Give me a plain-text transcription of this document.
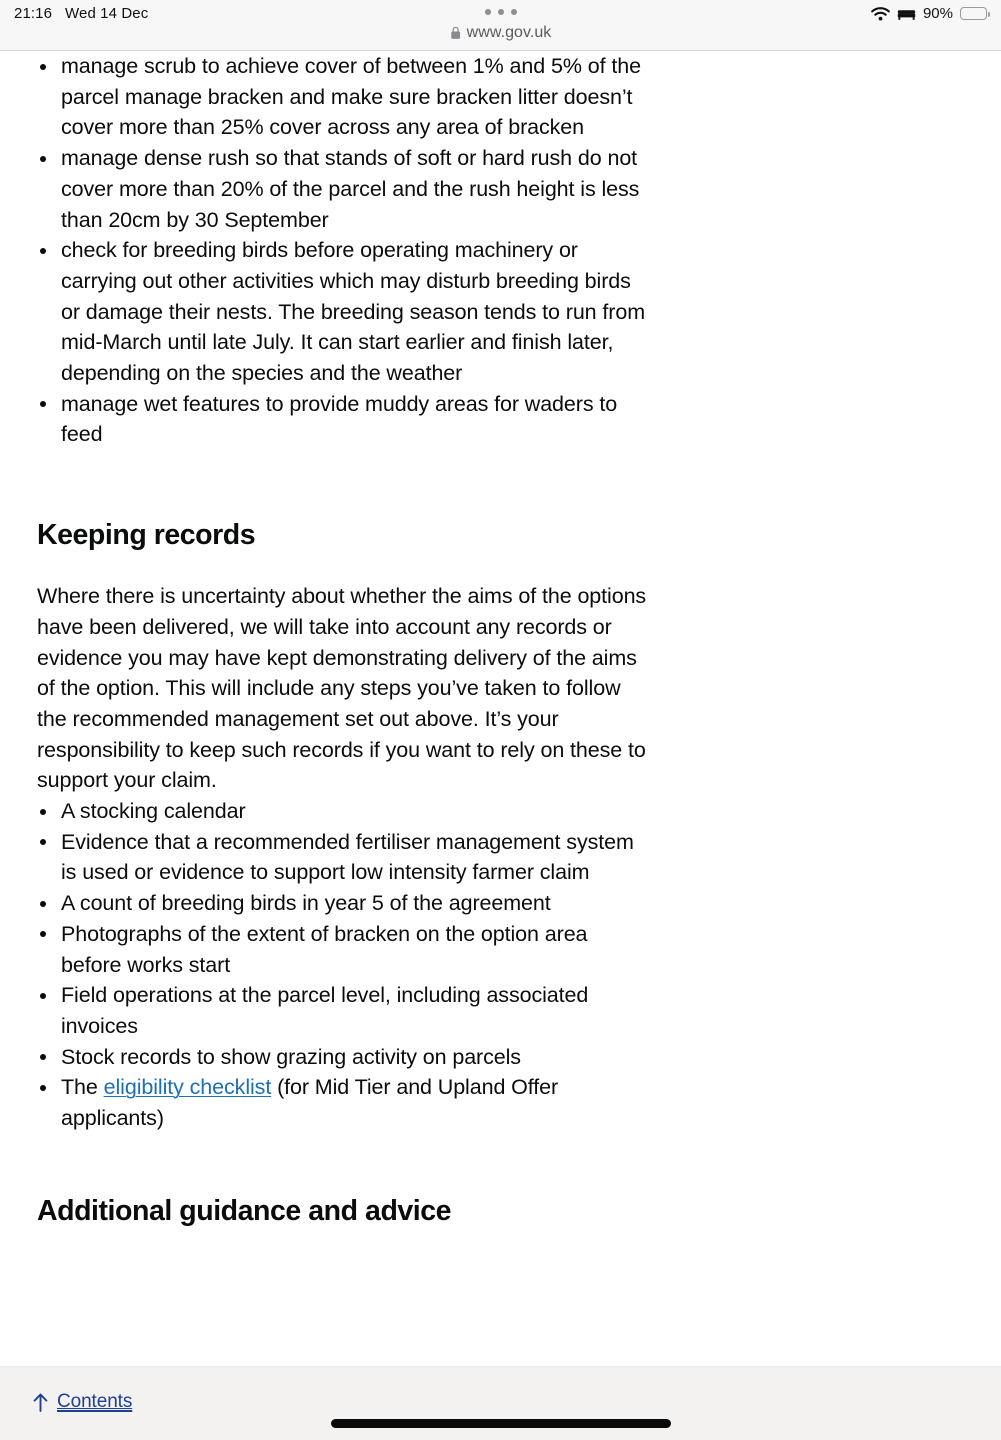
21:16 Wed 14 Dec
www.gov.uk
90%
manage scrub to achieve cover of between 1% and 5% of the parcel manage bracken and make sure bracken litter doesn’t cover more than 25% cover across any area of bracken
manage dense rush so that stands of soft or hard rush do not cover more than 20% of the parcel and the rush height is less than 20cm by 30 September
check for breeding birds before operating machinery or carrying out other activities which may disturb breeding birds or damage their nests. The breeding season tends to run from mid-March until late July. It can start earlier and finish later, depending on the species and the weather
manage wet features to provide muddy areas for waders to feed
Keeping records

Where there is uncertainty about whether the aims of the options have been delivered, we will take into account any records or evidence you may have kept demonstrating delivery of the aims of the option. This will include any steps you’ve taken to follow the recommended management set out above. It’s your responsibility to keep such records if you want to rely on these to support your claim.

A stocking calendar
Evidence that a recommended fertiliser management system is used or evidence to support low intensity farmer claim
A count of breeding birds in year 5 of the agreement
Photographs of the extent of bracken on the option area before works start
Field operations at the parcel level, including associated invoices
Stock records to show grazing activity on parcels
The eligibility checklist (for Mid Tier and Upland Offer applicants)
Additional guidance and advice
Contents
